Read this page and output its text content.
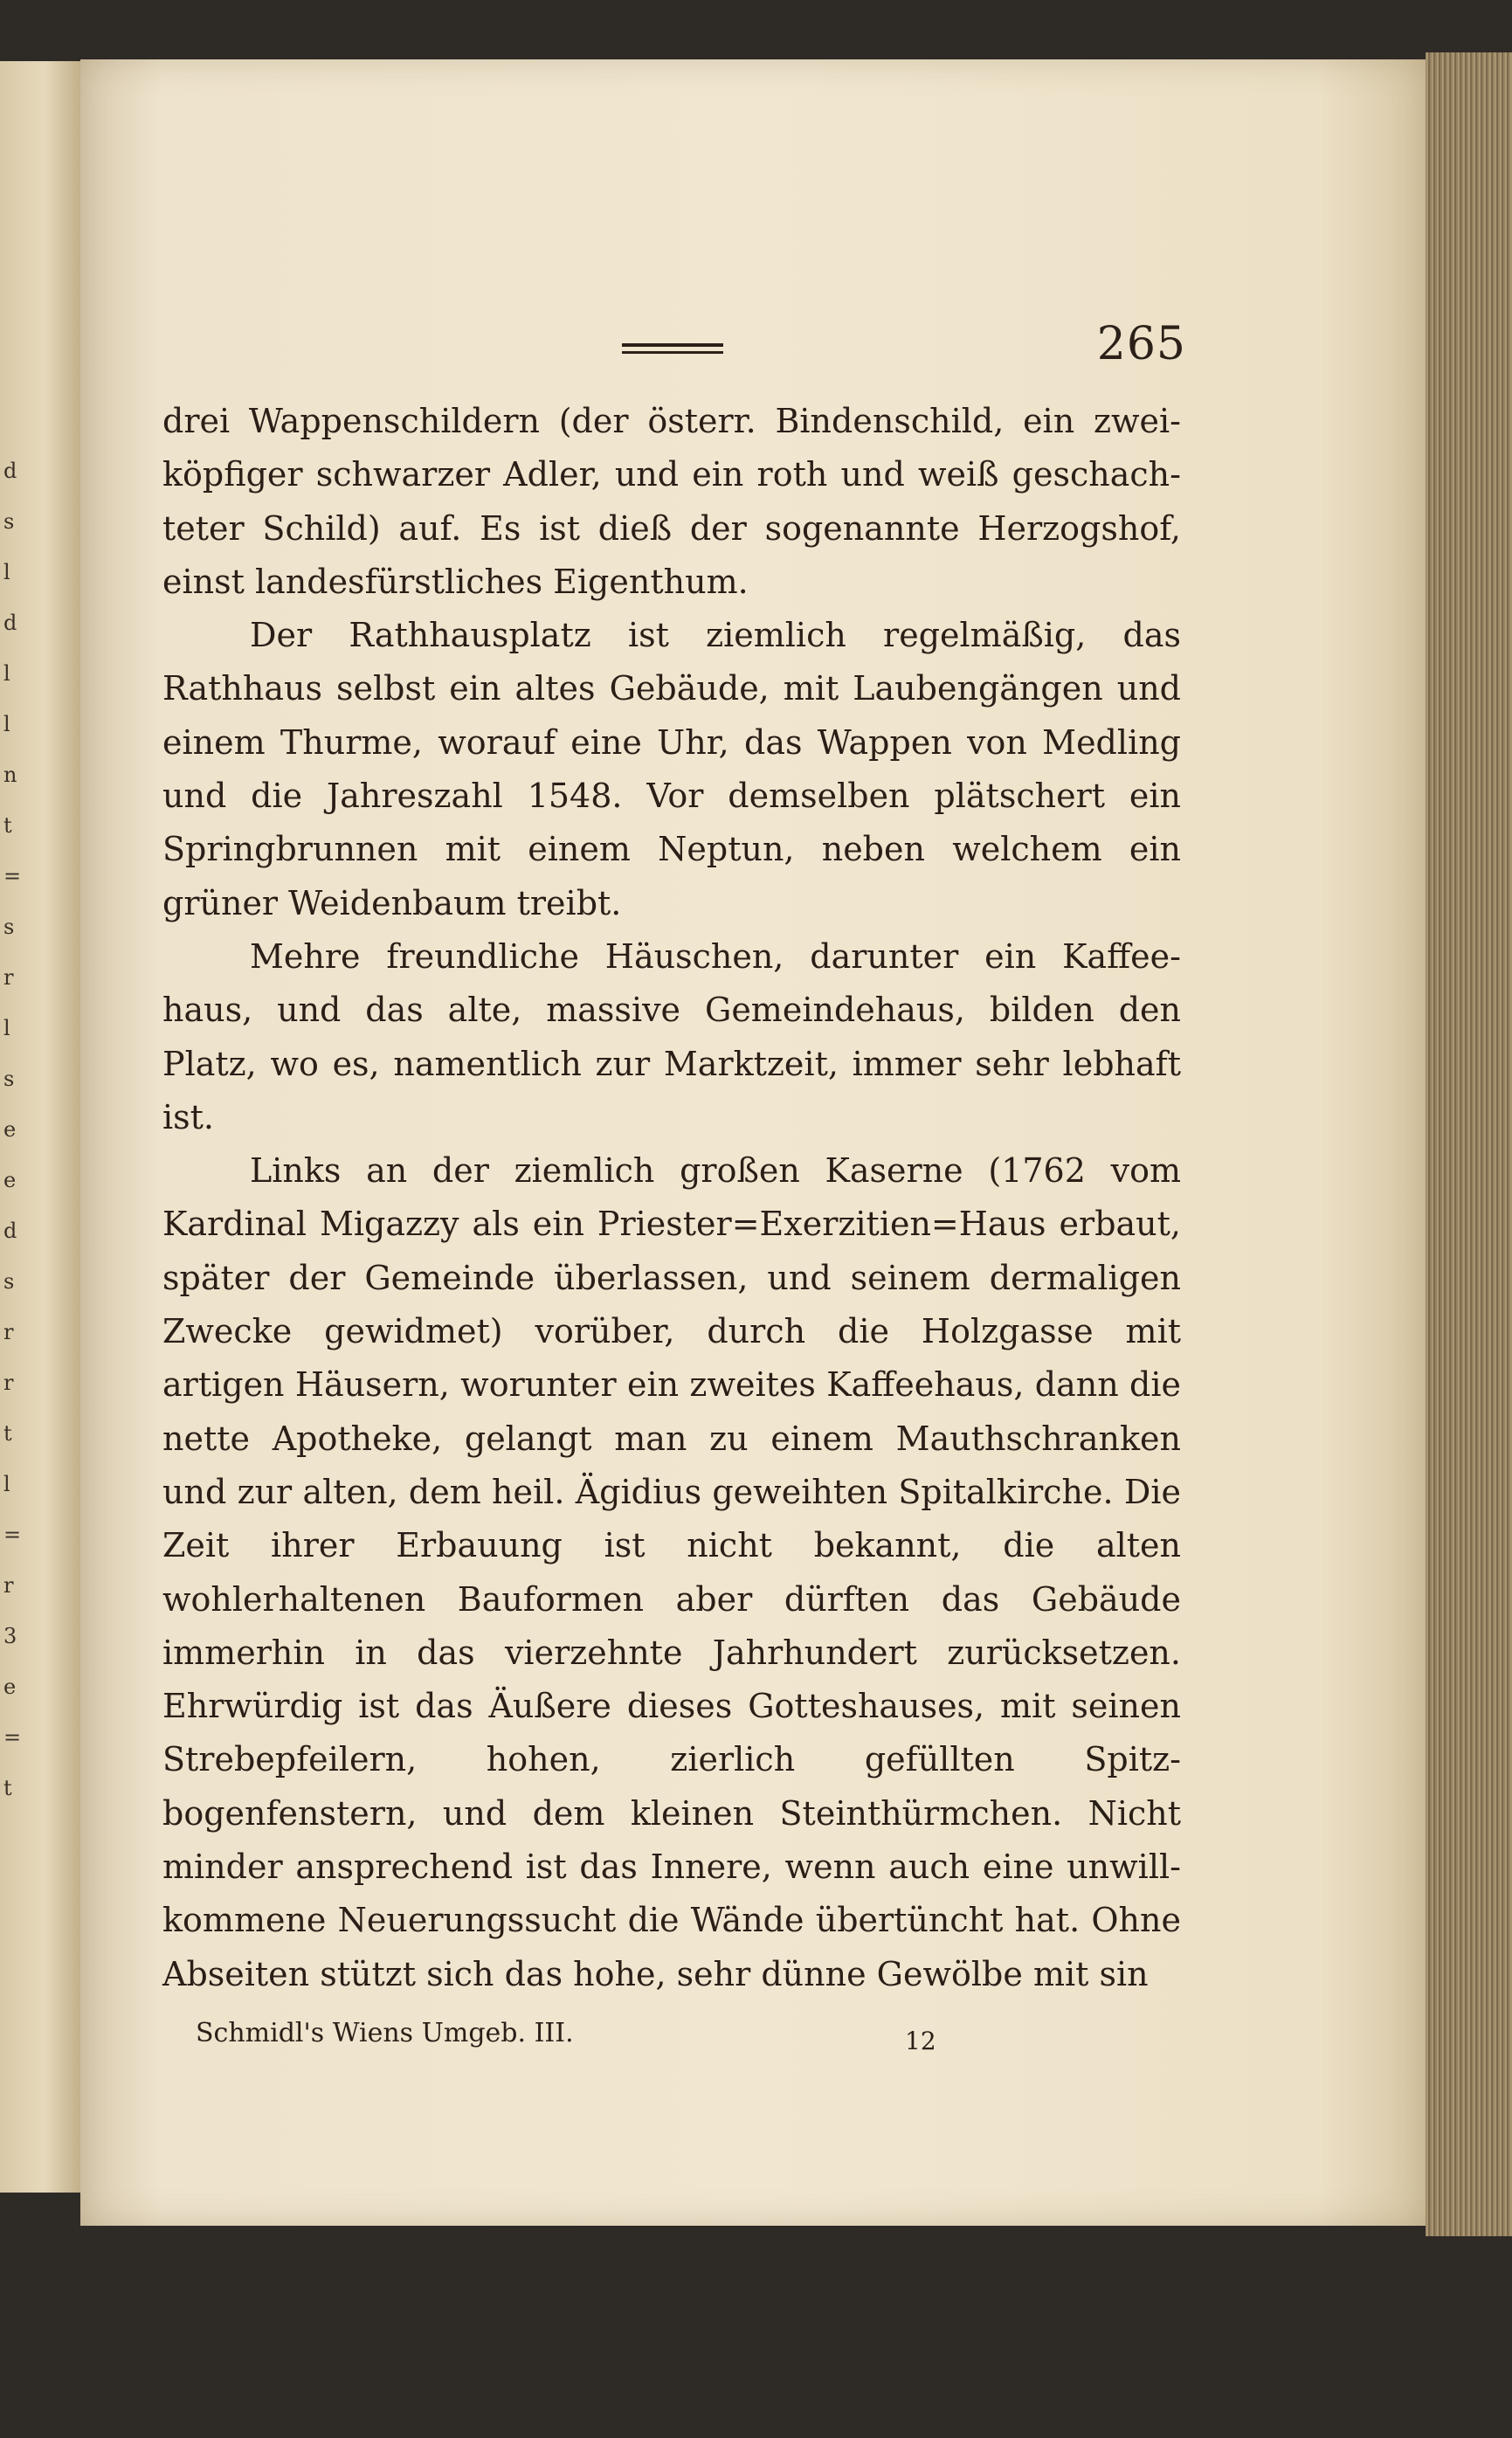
d
s
l
d
l
l
n
t
=
s
r
l
s
e
e
d
s
r
r
t
l
=
r
3
e
=
t
265

drei Wappenschildern (der österr. Bindenschild, ein zweiköpfiger schwarzer Adler, und ein roth und weiß geschachteter Schild) auf. Es ist dieß der sogenannte Herzogshof, einst landesfürstliches Eigenthum.

Der Rathhausplatz ist ziemlich regelmäßig, das Rathhaus selbst ein altes Gebäude, mit Laubengängen und einem Thurme, worauf eine Uhr, das Wappen von Medling und die Jahreszahl 1548. Vor demselben plätschert ein Springbrunnen mit einem Neptun, neben welchem ein grüner Weidenbaum treibt.

Mehre freundliche Häuschen, darunter ein Kaffeehaus, und das alte, massive Gemeindehaus, bilden den Platz, wo es, namentlich zur Marktzeit, immer sehr lebhaft ist.

Links an der ziemlich großen Kaserne (1762 vom Kardinal Migazzy als ein Priester=Exerzitien=Haus erbaut, später der Gemeinde überlassen, und seinem dermaligen Zwecke gewidmet) vorüber, durch die Holzgasse mit artigen Häusern, worunter ein zweites Kaffeehaus, dann die nette Apotheke, gelangt man zu einem Mauthschranken und zur alten, dem heil. Ägidius geweihten Spitalkirche. Die Zeit ihrer Erbauung ist nicht bekannt, die alten wohlerhaltenen Bauformen aber dürften das Gebäude immerhin in das vierzehnte Jahrhundert zurücksetzen. Ehrwürdig ist das Äußere dieses Gotteshauses, mit seinen Strebepfeilern, hohen, zierlich gefüllten Spitzbogenfenstern, und dem kleinen Steinthürmchen. Nicht minder ansprechend ist das Innere, wenn auch eine unwillkommene Neuerungssucht die Wände übertüncht hat. Ohne Abseiten stützt sich das hohe, sehr dünne Gewölbe mit sin

Schmidl's Wiens Umgeb. III.	12
